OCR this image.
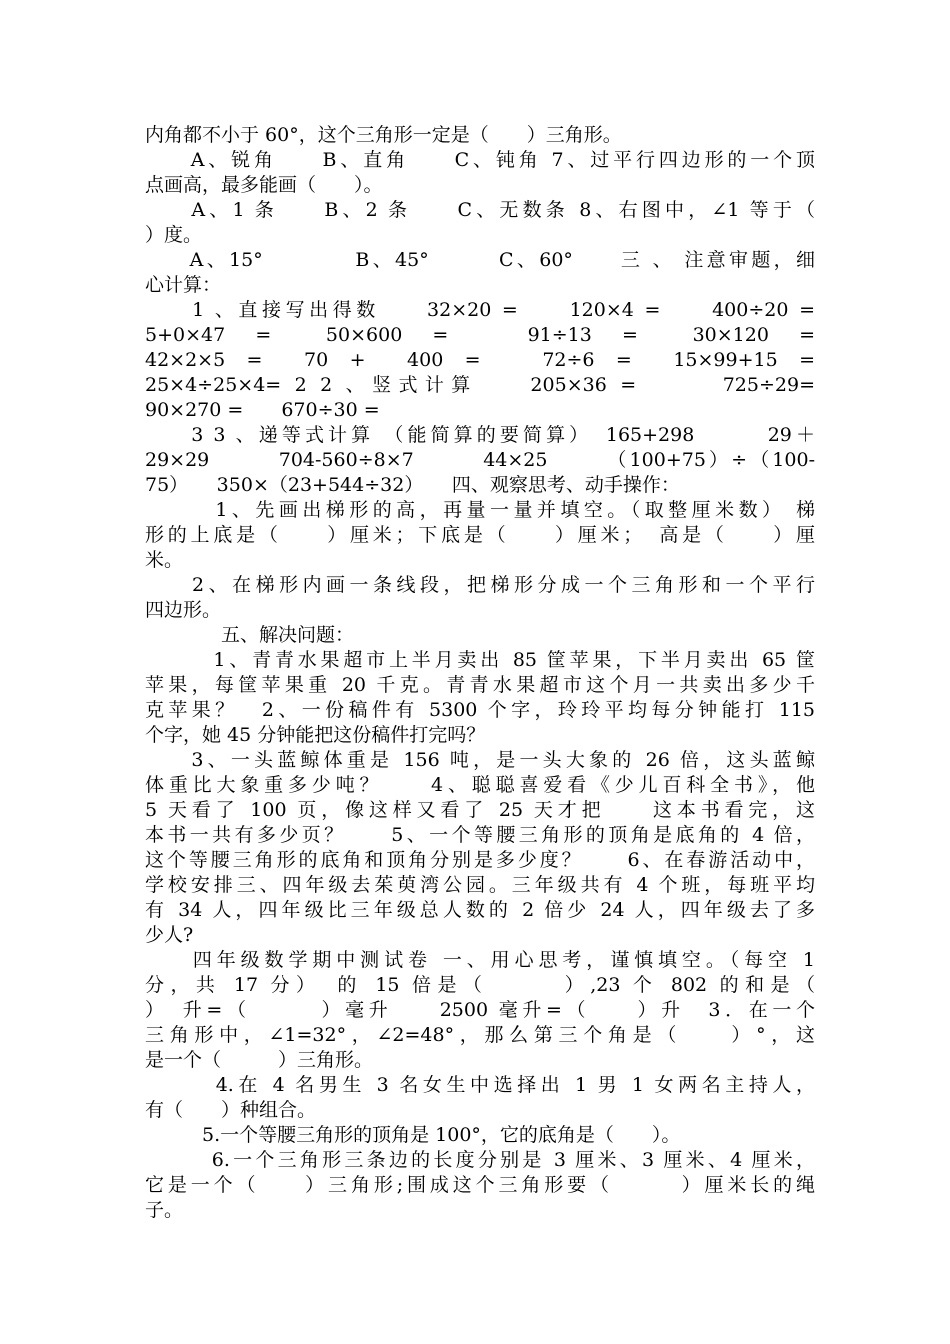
内角都不小于 60°，这个三角形一定是（　　）三角形。
　　A、锐角　　B、直角　　C、钝角 7、过平行四边形的一个顶
点画高，最多能画（　　）。
　　A、1 条　　B、2 条　　C、无数条 8、右图中，∠1 等于（
）度。
　　A、15°　　　　B、45°　　　C、60°　　三 、 注意审题，细
心计算：
　　1 、直接写出得数　　32×20 =　　120×4 =　　400÷20 =
5+0×47　=　　50×600　=　　　91÷13　=　　30×120　=
42×2×5　=　　70　+　　400　=　　　72÷6　=　　15×99+15　=
25×4÷25×4= 2 2 、竖式计算　　205×36 =　　　725÷29=
90×270 =　　670÷30 =
　　3 3 、递等式计算 （能简算的要简算）　165+298　　　29＋
29×29　　　704-560÷8×7　　　44×25　　　（100+75）÷（100-
75）　　350×（23+544÷32）　　四、观察思考、动手操作：
　　　1、先画出梯形的高，再量一量并填空。（取整厘米数） 梯
形的上底是（　　）厘米；下底是（　　）厘米；　高是（　　）厘
米。
　　2、在梯形内画一条线段，把梯形分成一个三角形和一个平行
四边形。
　　　　五、解决问题：
　　　1、青青水果超市上半月卖出 85 筐苹果，下半月卖出 65 筐
苹果，每筐苹果重 20 千克。青青水果超市这个月一共卖出多少千
克苹果？　2、一份稿件有 5300 个字，玲玲平均每分钟能打 115
个字，她 45 分钟能把这份稿件打完吗？
　　3、一头蓝鲸体重是 156 吨，是一头大象的 26 倍，这头蓝鲸
体重比大象重多少吨？　　4、聪聪喜爱看《少儿百科全书》，他
5 天看了 100 页，像这样又看了 25 天才把　　这本书看完，这
本书一共有多少页？　　5、一个等腰三角形的顶角是底角的 4 倍，
这个等腰三角形的底角和顶角分别是多少度？　　6、在春游活动中，
学校安排三、四年级去茱萸湾公园。三年级共有 4 个班，每班平均
有 34 人，四年级比三年级总人数的 2 倍少 24 人，四年级去了多
少人?
　　四年级数学期中测试卷 一、用心思考，谨慎填空。（每空 1
分，共 17 分）　的 15 倍是（　　　）,23 个 802 的和是（
）　升=（　　　）毫升　　2500 毫升=（　　）升　3．在一个
三角形中，∠1=32°，∠2=48°，那么第三个角是（　　）°，这
是一个（　　　）三角形。
　　　4.在 4 名男生 3 名女生中选择出 1 男 1 女两名主持人，
有（　　）种组合。
　　　5.一个等腰三角形的顶角是 100°，它的底角是（　　）。
　　　6.一个三角形三条边的长度分别是 3 厘米、3 厘米、4 厘米，
它是一个（　　）三角形;围成这个三角形要（　　　）厘米长的绳
子。
